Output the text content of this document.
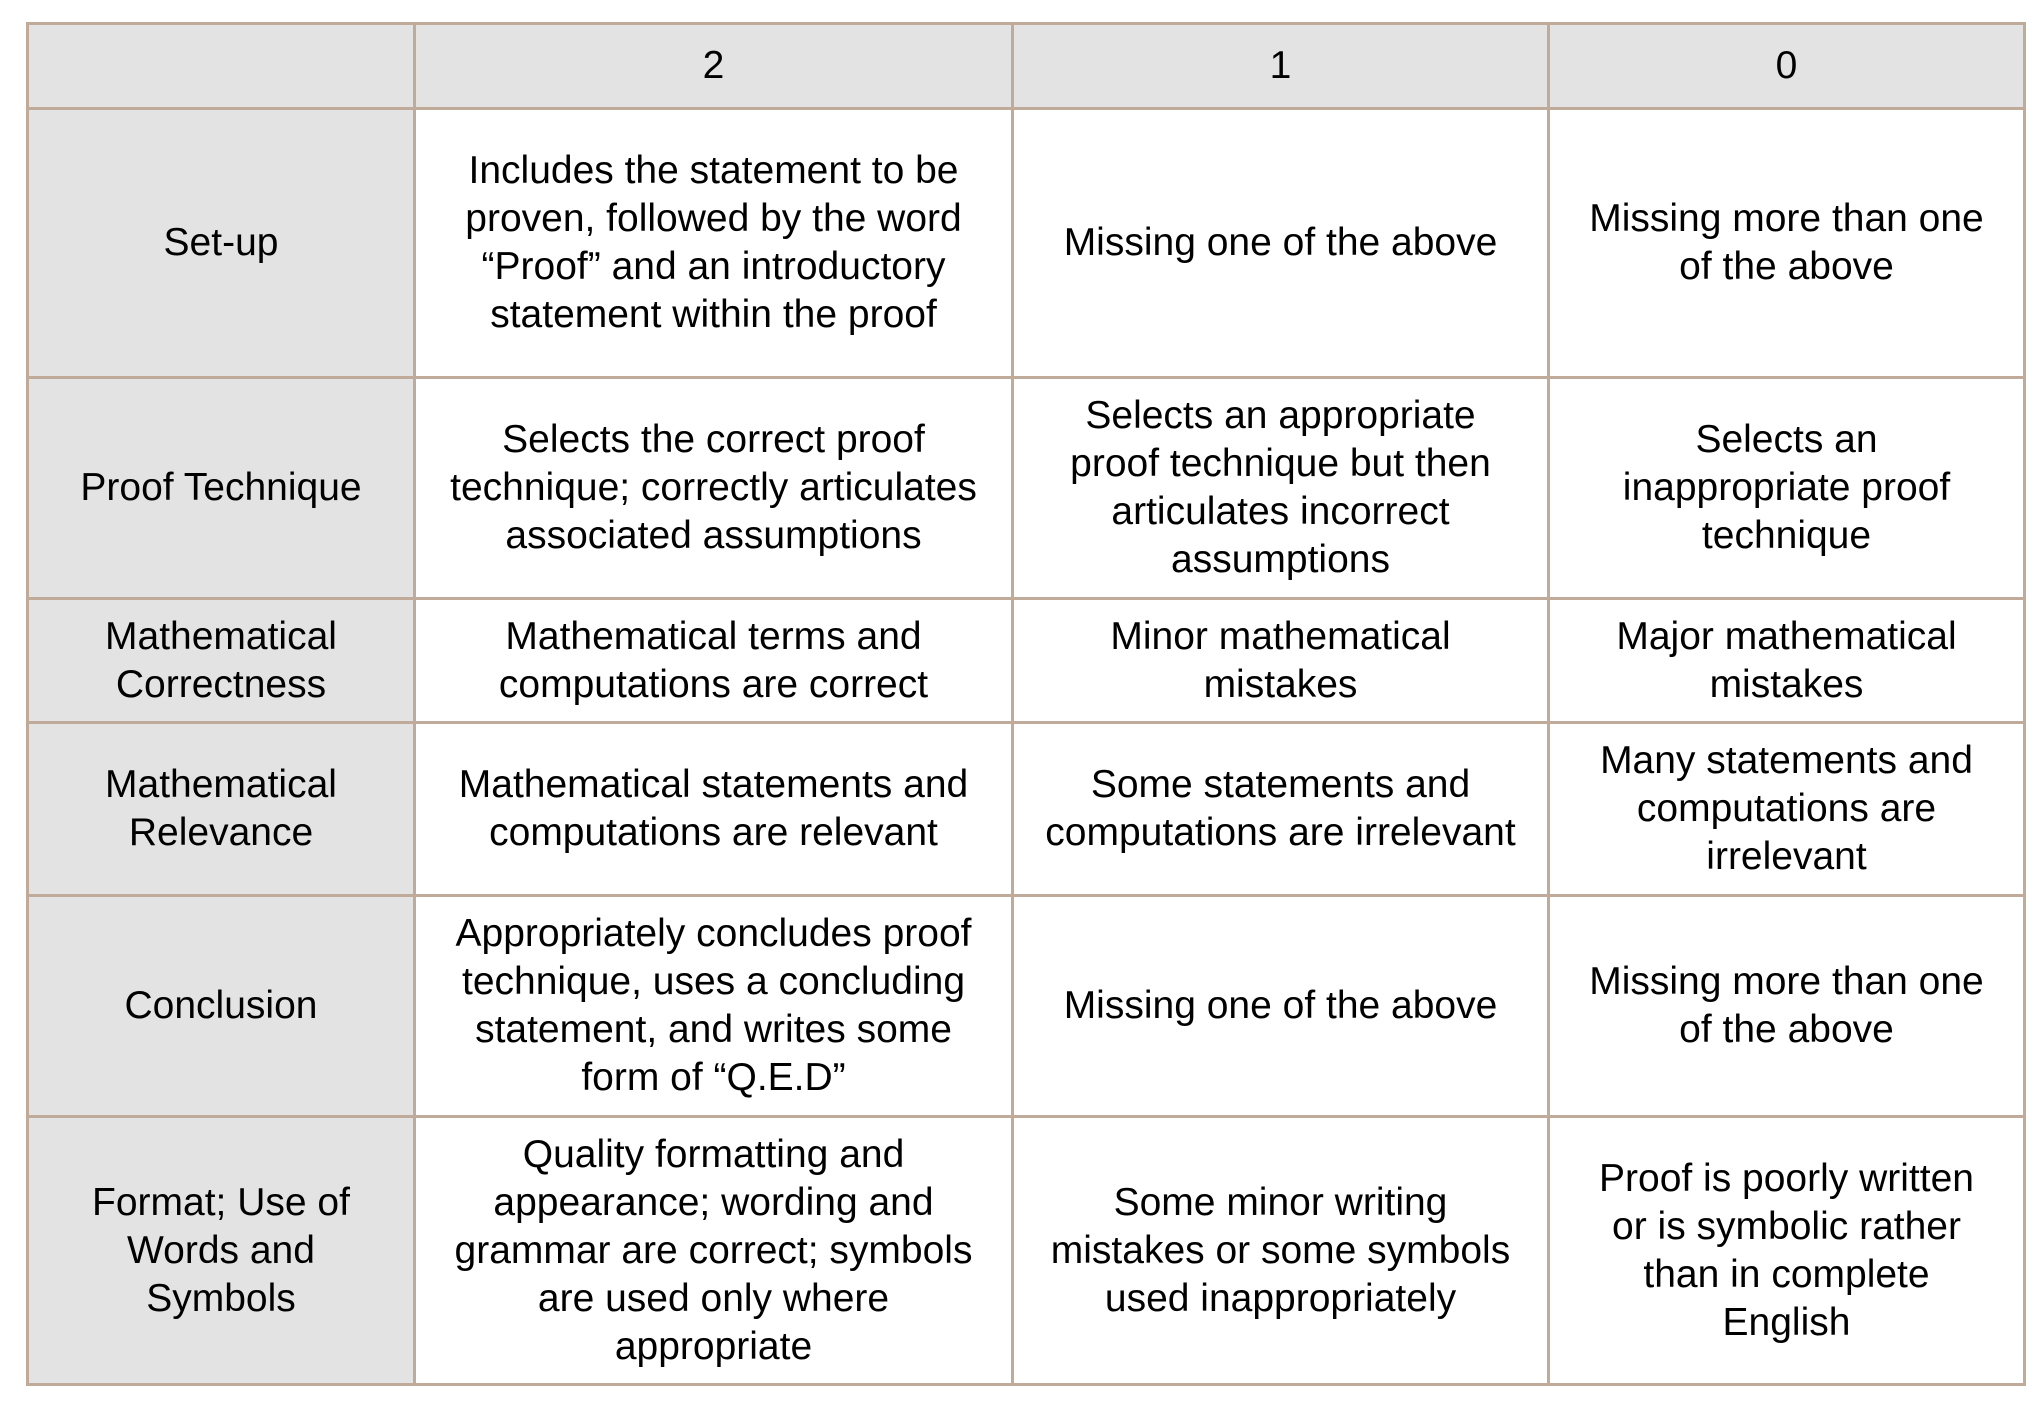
	2	1	0
Set-up	Includes the statement to be proven, followed by the word “Proof” and an introductory statement within the proof	Missing one of the above	Missing more than one of the above
Proof Technique	Selects the correct proof technique; correctly articulates associated assumptions	Selects an appropriate proof technique but then articulates incorrect assumptions	Selects an inappropriate proof technique
Mathematical Correctness	Mathematical terms and computations are correct	Minor mathematical mistakes	Major mathematical mistakes
Mathematical Relevance	Mathematical statements and computations are relevant	Some statements and computations are irrelevant	Many statements and computations are irrelevant
Conclusion	Appropriately concludes proof technique, uses a concluding statement, and writes some form of “Q.E.D”	Missing one of the above	Missing more than one of the above
Format; Use of Words and Symbols	Quality formatting and appearance; wording and grammar are correct; symbols are used only where appropriate	Some minor writing mistakes or some symbols used inappropriately	Proof is poorly written or is symbolic rather than in complete English
